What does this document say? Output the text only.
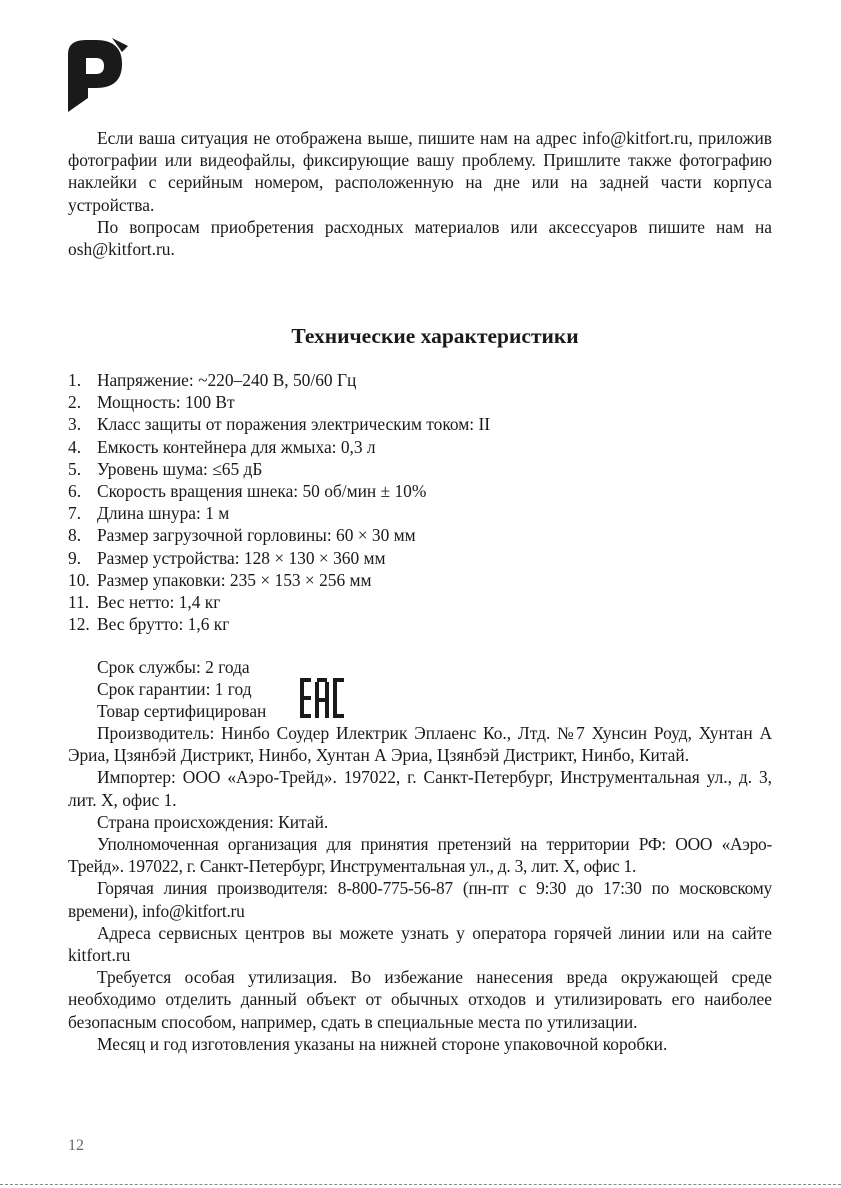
Если ваша ситуация не отображена выше, пишите нам на адрес info@kitfort.ru, приложив фотографии или видеофайлы, фиксирующие вашу проблему. Пришлите также фотографию наклейки с серийным номером, расположенную на дне или на задней части корпуса устройства.

По вопросам приобретения расходных материалов или аксессуаров пишите нам на osh@kitfort.ru.

Технические характеристики
1. Напряжение: ~220–240 В, 50/60 Гц
2. Мощность: 100 Вт
3. Класс защиты от поражения электрическим током: II
4. Емкость контейнера для жмыха: 0,3 л
5. Уровень шума: ≤65 дБ
6. Скорость вращения шнека: 50 об/мин ± 10%
7. Длина шнура: 1 м
8. Размер загрузочной горловины: 60 × 30 мм
9. Размер устройства: 128 × 130 × 360 мм
10. Размер упаковки: 235 × 153 × 256 мм
11. Вес нетто: 1,4 кг
12. Вес брутто: 1,6 кг

Срок службы: 2 года

Срок гарантии: 1 год

Товар сертифицирован

Производитель: Нинбо Соудер Илектрик Эплаенс Ко., Лтд. №7 Хунсин Роуд, Хунтан А Эриа, Цзянбэй Дистрикт, Нинбо, Хунтан А Эриа, Цзянбэй Дистрикт, Нинбо, Китай.

Импортер: ООО «Аэро-Трейд». 197022, г. Санкт-Петербург, Инструментальная ул., д. 3, лит. Х, офис 1.

Страна происхождения: Китай.

Уполномоченная организация для принятия претензий на территории РФ: ООО «Аэро-Трейд». 197022, г. Санкт-Петербург, Инструментальная ул., д. 3, лит. Х, офис 1.

Горячая линия производителя: 8-800-775-56-87 (пн-пт с 9:30 до 17:30 по московскому времени), info@kitfort.ru

Адреса сервисных центров вы можете узнать у оператора горячей линии или на сайте kitfort.ru

Требуется особая утилизация. Во избежание нанесения вреда окружающей среде необходимо отделить данный объект от обычных отходов и утилизировать его наиболее безопасным способом, например, сдать в специальные места по утилизации.

Месяц и год изготовления указаны на нижней стороне упаковочной коробки.

12
